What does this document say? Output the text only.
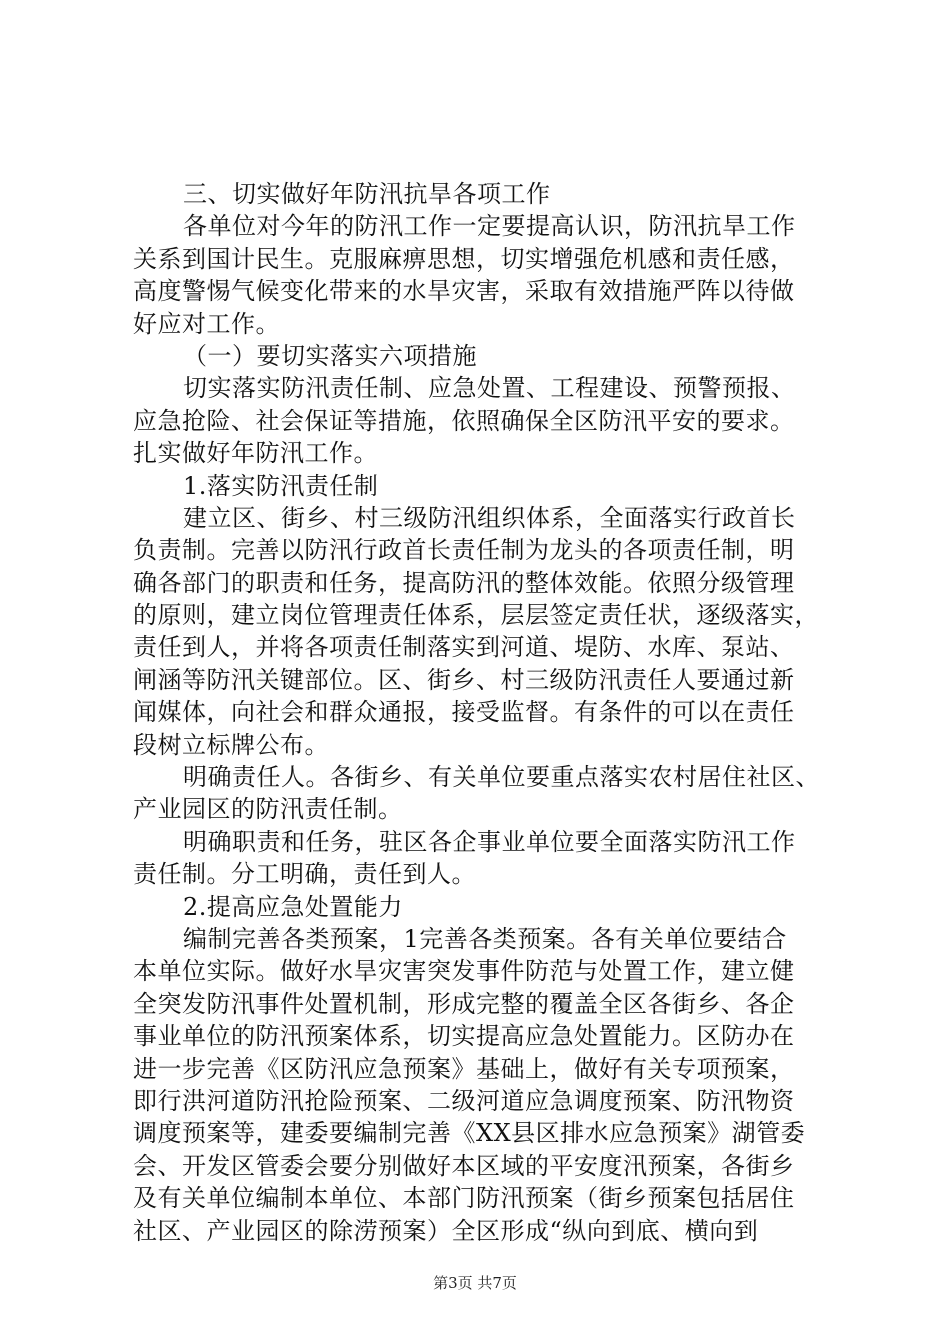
三、切实做好年防汛抗旱各项工作
各单位对今年的防汛工作一定要提高认识，防汛抗旱工作
关系到国计民生。克服麻痹思想，切实增强危机感和责任感，
高度警惕气候变化带来的水旱灾害，采取有效措施严阵以待做
好应对工作。
（一）要切实落实六项措施
切实落实防汛责任制、应急处置、工程建设、预警预报、
应急抢险、社会保证等措施，依照确保全区防汛平安的要求。
扎实做好年防汛工作。
1.落实防汛责任制
建立区、街乡、村三级防汛组织体系，全面落实行政首长
负责制。完善以防汛行政首长责任制为龙头的各项责任制，明
确各部门的职责和任务，提高防汛的整体效能。依照分级管理
的原则，建立岗位管理责任体系，层层签定责任状，逐级落实，
责任到人，并将各项责任制落实到河道、堤防、水库、泵站、
闸涵等防汛关键部位。区、街乡、村三级防汛责任人要通过新
闻媒体，向社会和群众通报，接受监督。有条件的可以在责任
段树立标牌公布。
明确责任人。各街乡、有关单位要重点落实农村居住社区、
产业园区的防汛责任制。
明确职责和任务，驻区各企事业单位要全面落实防汛工作
责任制。分工明确，责任到人。
2.提高应急处置能力
编制完善各类预案，1完善各类预案。各有关单位要结合
本单位实际。做好水旱灾害突发事件防范与处置工作，建立健
全突发防汛事件处置机制，形成完整的覆盖全区各街乡、各企
事业单位的防汛预案体系，切实提高应急处置能力。区防办在
进一步完善《区防汛应急预案》基础上，做好有关专项预案，
即行洪河道防汛抢险预案、二级河道应急调度预案、防汛物资
调度预案等，建委要编制完善《XX县区排水应急预案》湖管委
会、开发区管委会要分别做好本区域的平安度汛预案，各街乡
及有关单位编制本单位、本部门防汛预案（街乡预案包括居住
社区、产业园区的除涝预案）全区形成“纵向到底、横向到
第3页 共7页
